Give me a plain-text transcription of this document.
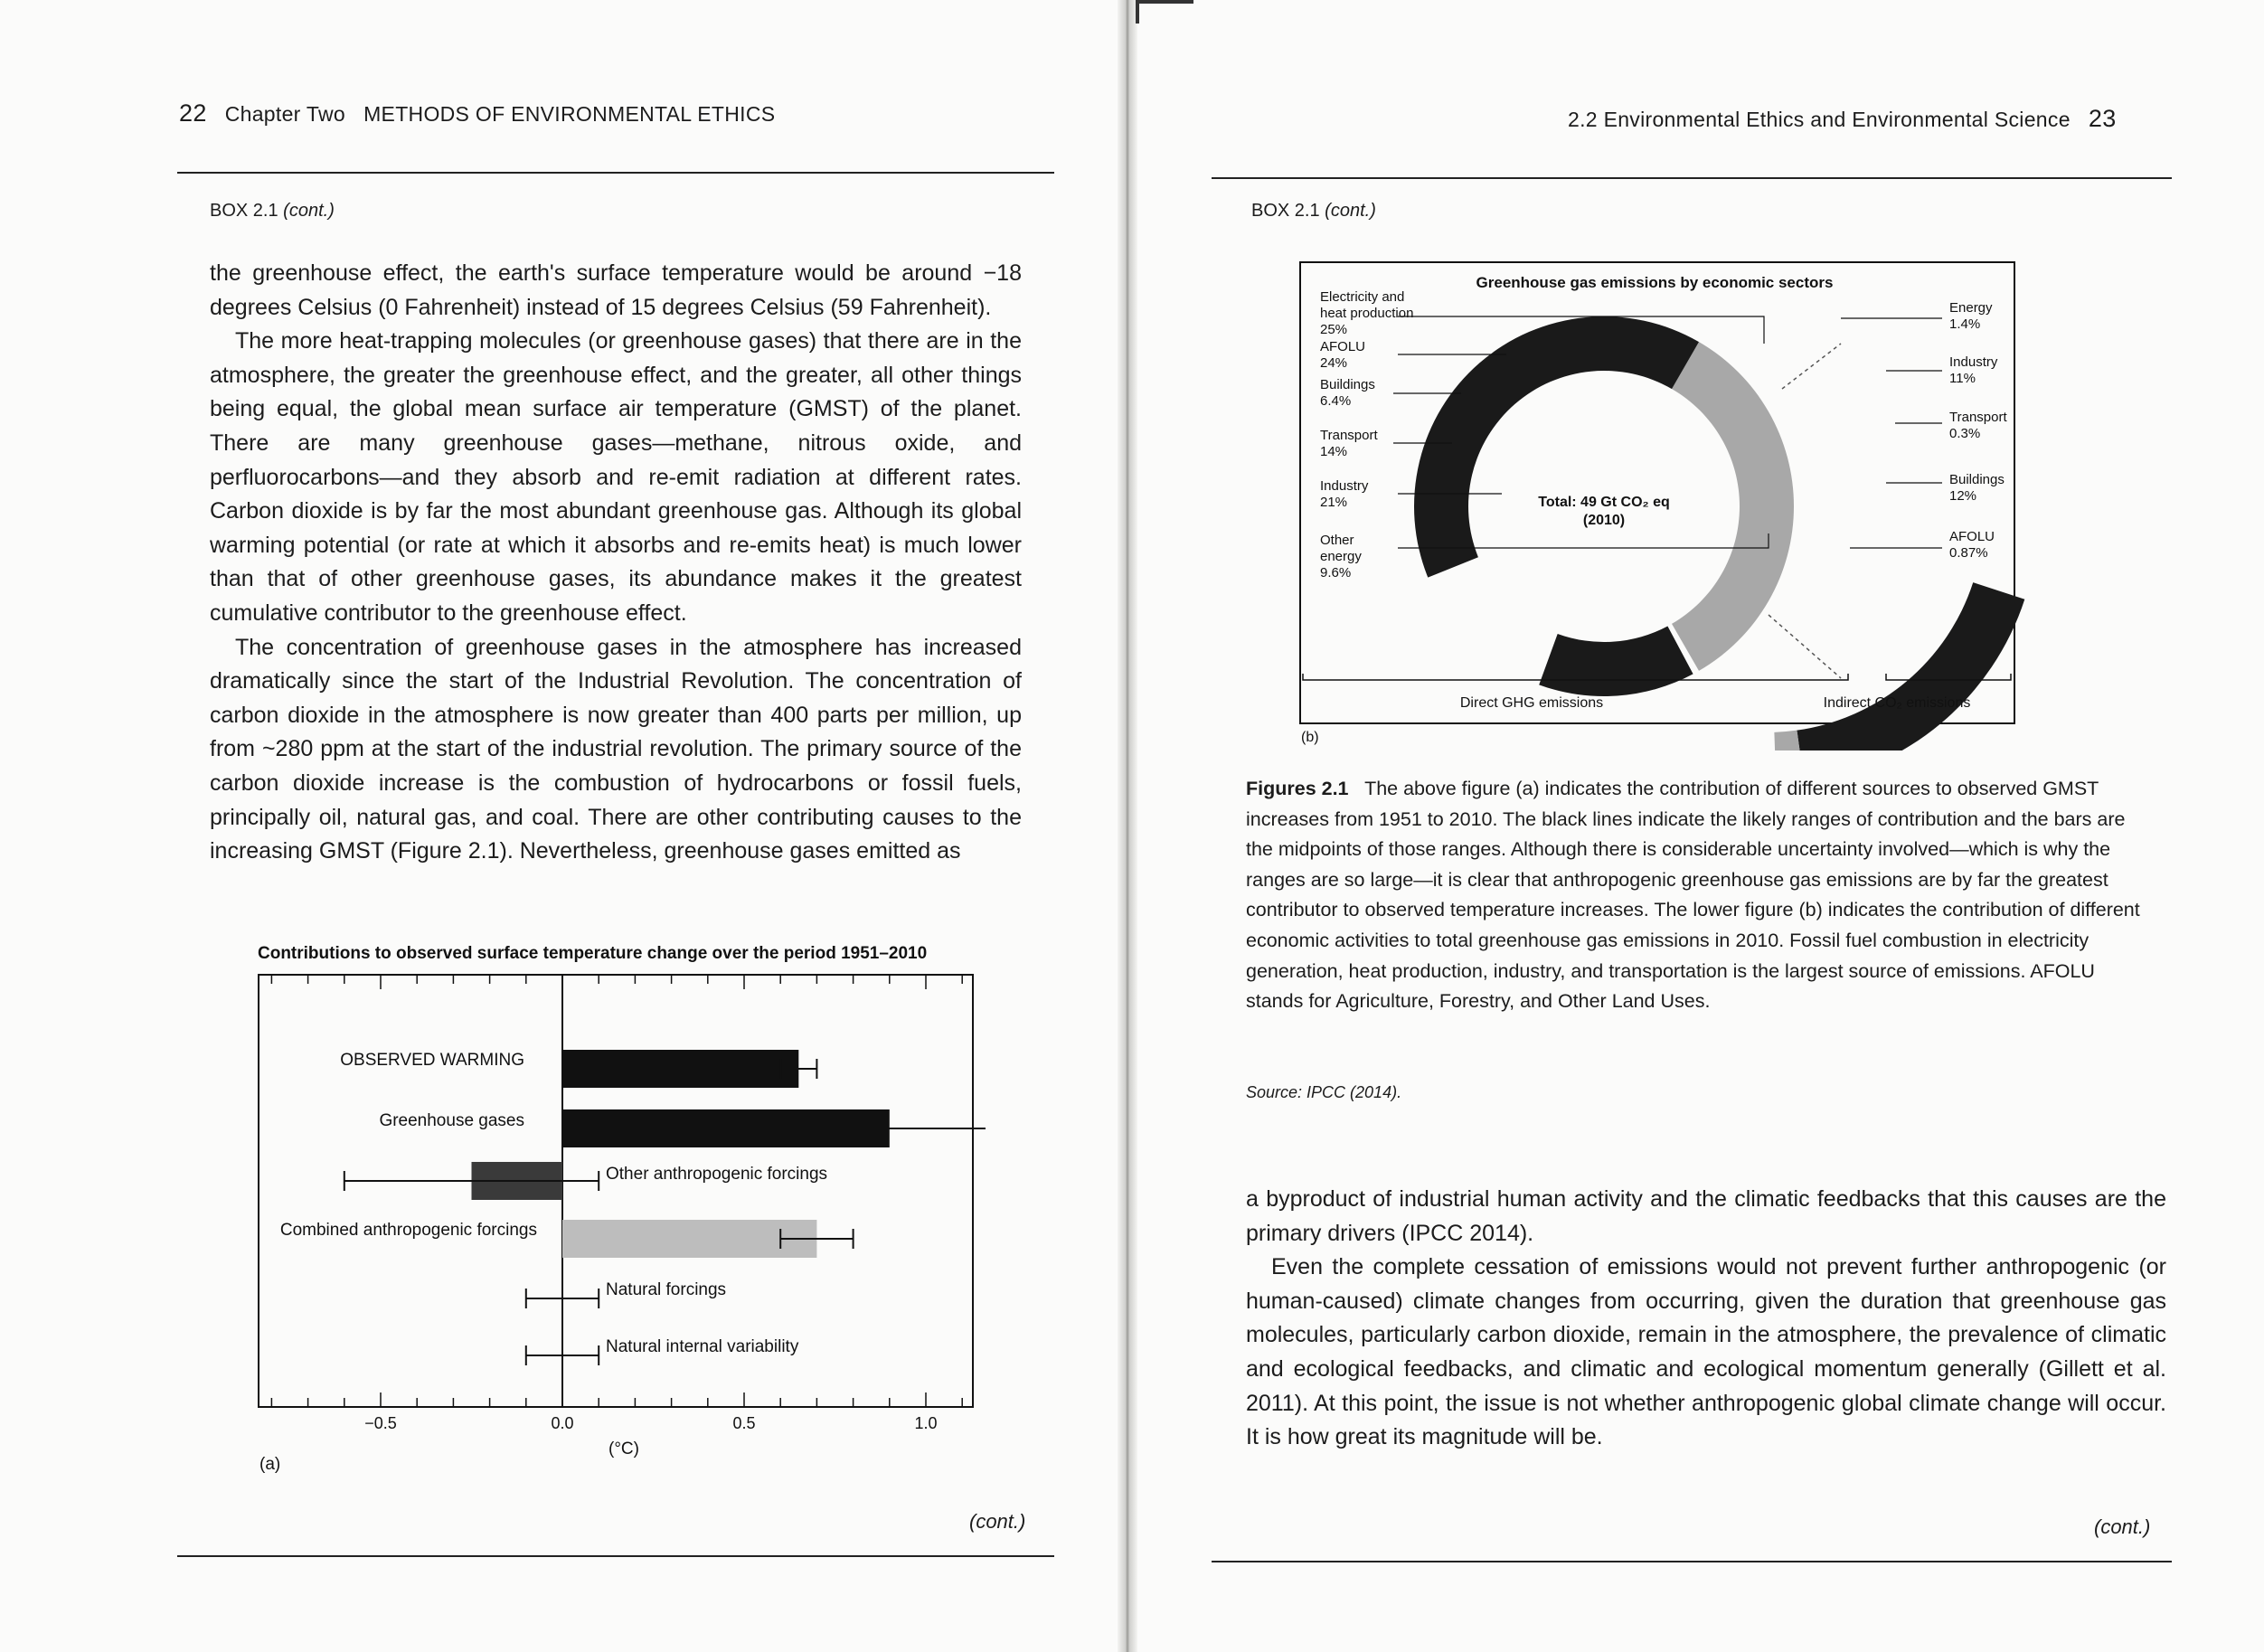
22 Chapter Two METHODS OF ENVIRONMENTAL ETHICS
BOX 2.1 (cont.)

the greenhouse effect, the earth's surface temperature would be around −18 degrees Celsius (0 Fahrenheit) instead of 15 degrees Celsius (59 Fahrenheit).

The more heat-trapping molecules (or greenhouse gases) that there are in the atmosphere, the greater the greenhouse effect, and the greater, all other things being equal, the global mean surface air temperature (GMST) of the planet. There are many greenhouse gases—methane, nitrous oxide, and perfluorocarbons—and they absorb and re-emit radiation at different rates. Carbon dioxide is by far the most abundant greenhouse gas. Although its global warming potential (or rate at which it absorbs and re-emits heat) is much lower than that of other greenhouse gases, its abundance makes it the greatest cumulative contributor to the greenhouse effect.

The concentration of greenhouse gases in the atmosphere has increased dramatically since the start of the Industrial Revolution. The concentration of carbon dioxide in the atmosphere is now greater than 400 parts per million, up from ~280 ppm at the start of the industrial revolution. The primary source of the carbon dioxide increase is the combustion of hydrocarbons or fossil fuels, principally oil, natural gas, and coal. There are other contributing causes to the increasing GMST (Figure 2.1). Nevertheless, greenhouse gases emitted as

Contributions to observed surface temperature change over the period 1951–2010
OBSERVED WARMING
Greenhouse gases
Other anthropogenic forcings
Combined anthropogenic forcings
Natural forcings
Natural internal variability
−0.5	0.0	0.5	1.0
(°C)
(a)
(cont.)
2.2 Environmental Ethics and Environmental Science 23
BOX 2.1 (cont.)
Greenhouse gas emissions by economic sectors
Total: 49 Gt CO₂ eq
(2010)
Electricity and heat production 25%
AFOLU 24%
Buildings 6.4%
Transport 14%
Industry 21%
Other energy 9.6%
Energy 1.4%
Industry 11%
Transport 0.3%
Buildings 12%
AFOLU 0.87%
Direct GHG emissions	Indirect CO₂ emissions
(b)
Figures 2.1 The above figure (a) indicates the contribution of different sources to observed GMST increases from 1951 to 2010. The black lines indicate the likely ranges of contribution and the bars are the midpoints of those ranges. Although there is considerable uncertainty involved—which is why the ranges are so large—it is clear that anthropogenic greenhouse gas emissions are by far the greatest contributor to observed temperature increases. The lower figure (b) indicates the contribution of different economic activities to total greenhouse gas emissions in 2010. Fossil fuel combustion in electricity generation, heat production, industry, and transportation is the largest source of emissions. AFOLU stands for Agriculture, Forestry, and Other Land Uses.
Source: IPCC (2014).

a byproduct of industrial human activity and the climatic feedbacks that this causes are the primary drivers (IPCC 2014).

Even the complete cessation of emissions would not prevent further anthropogenic (or human-caused) climate changes from occurring, given the duration that greenhouse gas molecules, particularly carbon dioxide, remain in the atmosphere, the prevalence of climatic and ecological feedbacks, and climatic and ecological momentum generally (Gillett et al. 2011). At this point, the issue is not whether anthropogenic global climate change will occur. It is how great its magnitude will be.

(cont.)
